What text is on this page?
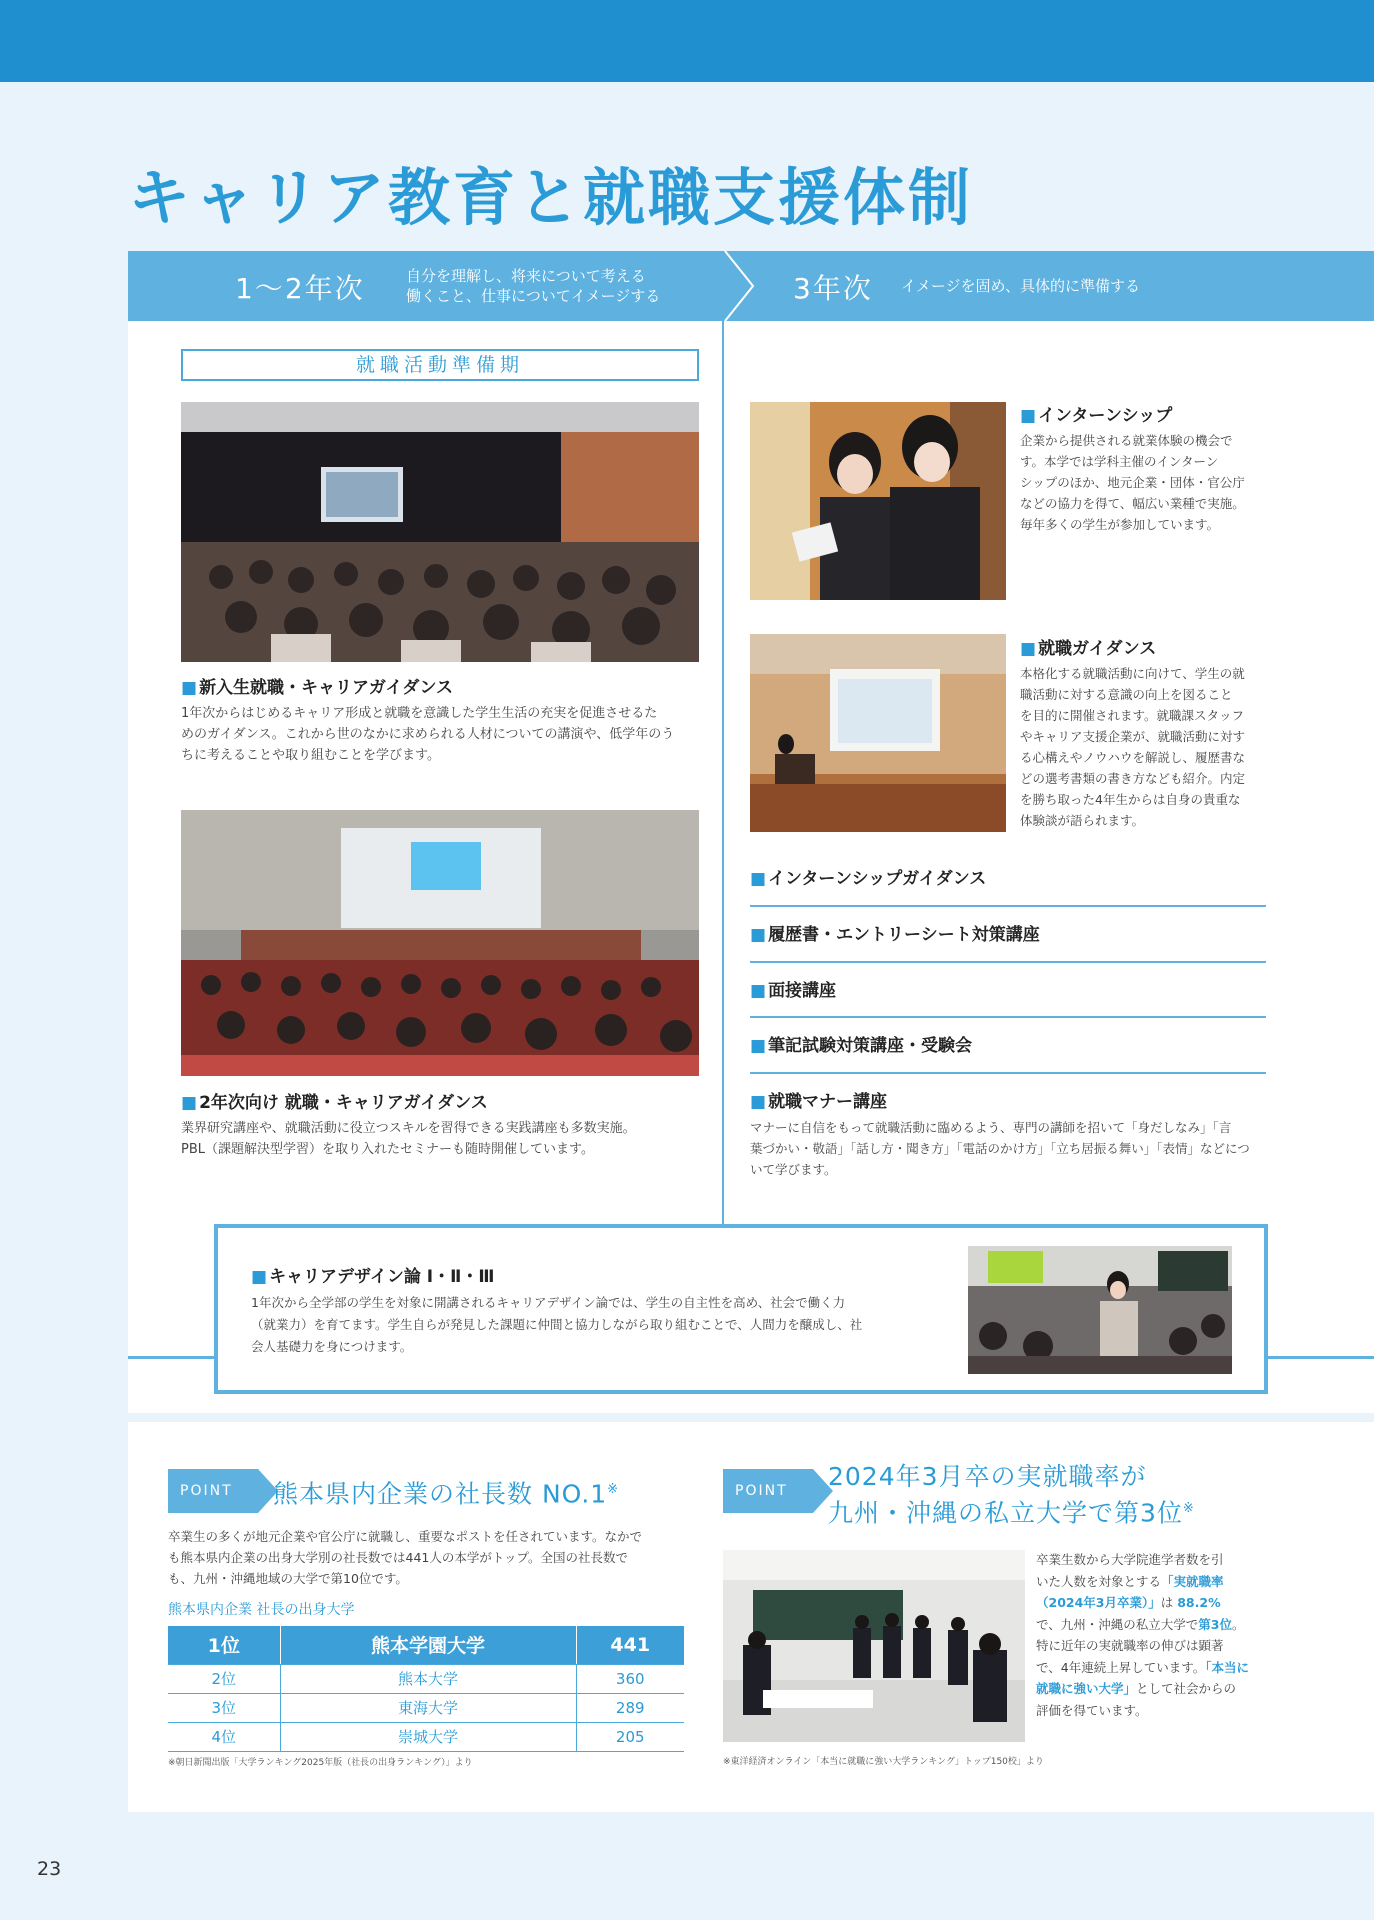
キャリア教育と就職支援体制
1～2年次	自分を理解し、将来について考える
働くこと、仕事についてイメージする	3年次 イメージを固め、具体的に準備する
就職活動準備期
■ 新入生就職・キャリアガイダンス
1年次からはじめるキャリア形成と就職を意識した学生生活の充実を促進させるた
めのガイダンス。これから世のなかに求められる人材についての講演や、低学年のう
ちに考えることや取り組むことを学びます。
■ 2年次向け 就職・キャリアガイダンス
業界研究講座や、就職活動に役立つスキルを習得できる実践講座も多数実施。
PBL（課題解決型学習）を取り入れたセミナーも随時開催しています。
■ インターンシップ
企業から提供される就業体験の機会で
す。本学では学科主催のインターン
シップのほか、地元企業・団体・官公庁
などの協力を得て、幅広い業種で実施。
毎年多くの学生が参加しています。
■ 就職ガイダンス
本格化する就職活動に向けて、学生の就
職活動に対する意識の向上を図ること
を目的に開催されます。就職課スタッフ
やキャリア支援企業が、就職活動に対す
る心構えやノウハウを解説し、履歴書な
どの選考書類の書き方なども紹介。内定
を勝ち取った4年生からは自身の貴重な
体験談が語られます。
■ インターンシップガイダンス
■ 履歴書・エントリーシート対策講座
■ 面接講座
■ 筆記試験対策講座・受験会
■ 就職マナー講座
マナーに自信をもって就職活動に臨めるよう、専門の講師を招いて「身だしなみ」「言
葉づかい・敬語」「話し方・聞き方」「電話のかけ方」「立ち居振る舞い」「表情」などにつ
いて学びます。
■ キャリアデザイン論 Ⅰ・Ⅱ・Ⅲ
1年次から全学部の学生を対象に開講されるキャリアデザイン論では、学生の自主性を高め、社会で働く力
（就業力）を育てます。学生自らが発見した課題に仲間と協力しながら取り組むことで、人間力を醸成し、社
会人基礎力を身につけます。
POINT	熊本県内企業の社長数 NO.1※
卒業生の多くが地元企業や官公庁に就職し、重要なポストを任されています。なかで
も熊本県内企業の出身大学別の社長数では441人の本学がトップ。全国の社長数で
も、九州・沖縄地域の大学で第10位です。
熊本県内企業 社長の出身大学
1位	熊本学園大学	441
2位	熊本大学	360
3位	東海大学	289
4位	崇城大学	205
※朝日新聞出版「大学ランキング2025年版（社長の出身ランキング）」より
POINT	2024年3月卒の実就職率が
九州・沖縄の私立大学で第3位※
卒業生数から大学院進学者数を引
いた人数を対象とする「実就職率
（2024年3月卒業）」は 88.2%
で、九州・沖縄の私立大学で第3位。
特に近年の実就職率の伸びは顕著
で、4年連続上昇しています。「本当に
就職に強い大学」として社会からの
評価を得ています。
※東洋経済オンライン「本当に就職に強い大学ランキング」トップ150校」より
23
